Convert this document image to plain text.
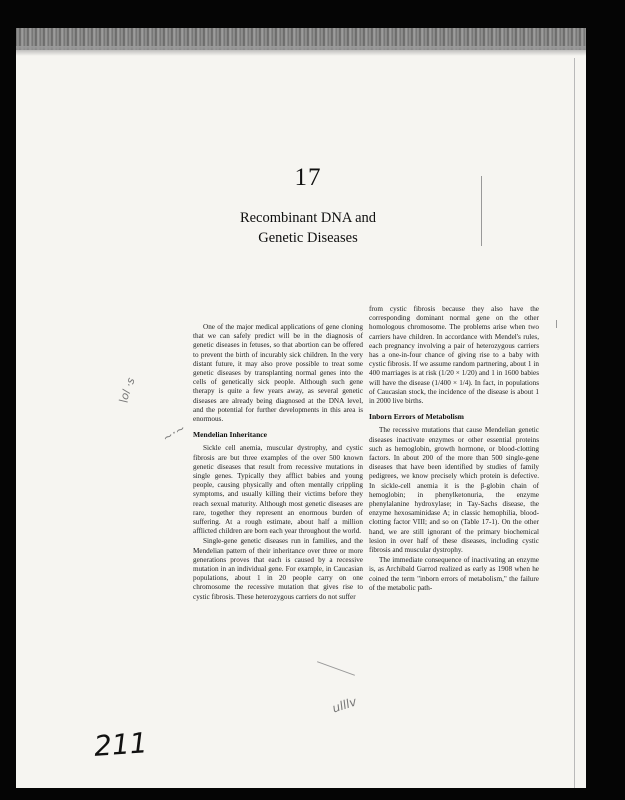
17
Recombinant DNA and
Genetic Diseases

One of the major medical applications of gene cloning that we can safely predict will be in the diagnosis of genetic diseases in fetuses, so that abortion can be offered to prevent the birth of incurably sick children. In the very distant future, it may also prove possible to treat some genetic diseases by transplanting normal genes into the cells of genetically sick people. Although such gene therapy is quite a few years away, as several genetic diseases are already being diagnosed at the DNA level, and the potential for further developments in this area is enormous.

Mendelian Inheritance

Sickle cell anemia, muscular dystrophy, and cystic fibrosis are but three examples of the over 500 known genetic diseases that result from recessive mutations in single genes. Typically they afflict babies and young people, causing physically and often mentally crippling symptoms, and usually killing their victims before they reach sexual maturity. Although most genetic diseases are rare, together they represent an enormous burden of suffering. At a rough estimate, about half a million afflicted children are born each year throughout the world.

Single-gene genetic diseases run in families, and the Mendelian pattern of their inheritance over three or more generations proves that each is caused by a recessive mutation in an individual gene. For example, in Caucasian populations, about 1 in 20 people carry on one chromosome the recessive mutation that gives rise to cystic fibrosis. These heterozygous carriers do not suffer

from cystic fibrosis because they also have the corresponding dominant normal gene on the other homologous chromosome. The problems arise when two carriers have children. In accordance with Mendel's rules, each pregnancy involving a pair of heterozygous carriers has a one-in-four chance of giving rise to a baby with cystic fibrosis. If we assume random partnering, about 1 in 400 marriages is at risk (1/20 × 1/20) and 1 in 1600 babies will have the disease (1/400 × 1/4). In fact, in populations of Caucasian stock, the incidence of the disease is about 1 in 2000 live births.

Inborn Errors of Metabolism

The recessive mutations that cause Mendelian genetic diseases inactivate enzymes or other essential proteins such as hemoglobin, growth hormone, or blood-clotting factors. In about 200 of the more than 500 single-gene diseases that have been identified by studies of family pedigrees, we know precisely which protein is defective. In sickle-cell anemia it is the β-globin chain of hemoglobin; in phenylketonuria, the enzyme phenylalanine hydroxylase; in Tay-Sachs disease, the enzyme hexosaminidase A; in classic hemophilia, blood-clotting factor VIII; and so on (Table 17-1). On the other hand, we are still ignorant of the primary biochemical lesion in over half of these diseases, including cystic fibrosis and muscular dystrophy.

The immediate consequence of inactivating an enzyme is, as Archibald Garrod realized as early as 1908 when he coined the term "inborn errors of metabolism," the failure of the metabolic path-

ulllv
\ol ·s
~·~
211
